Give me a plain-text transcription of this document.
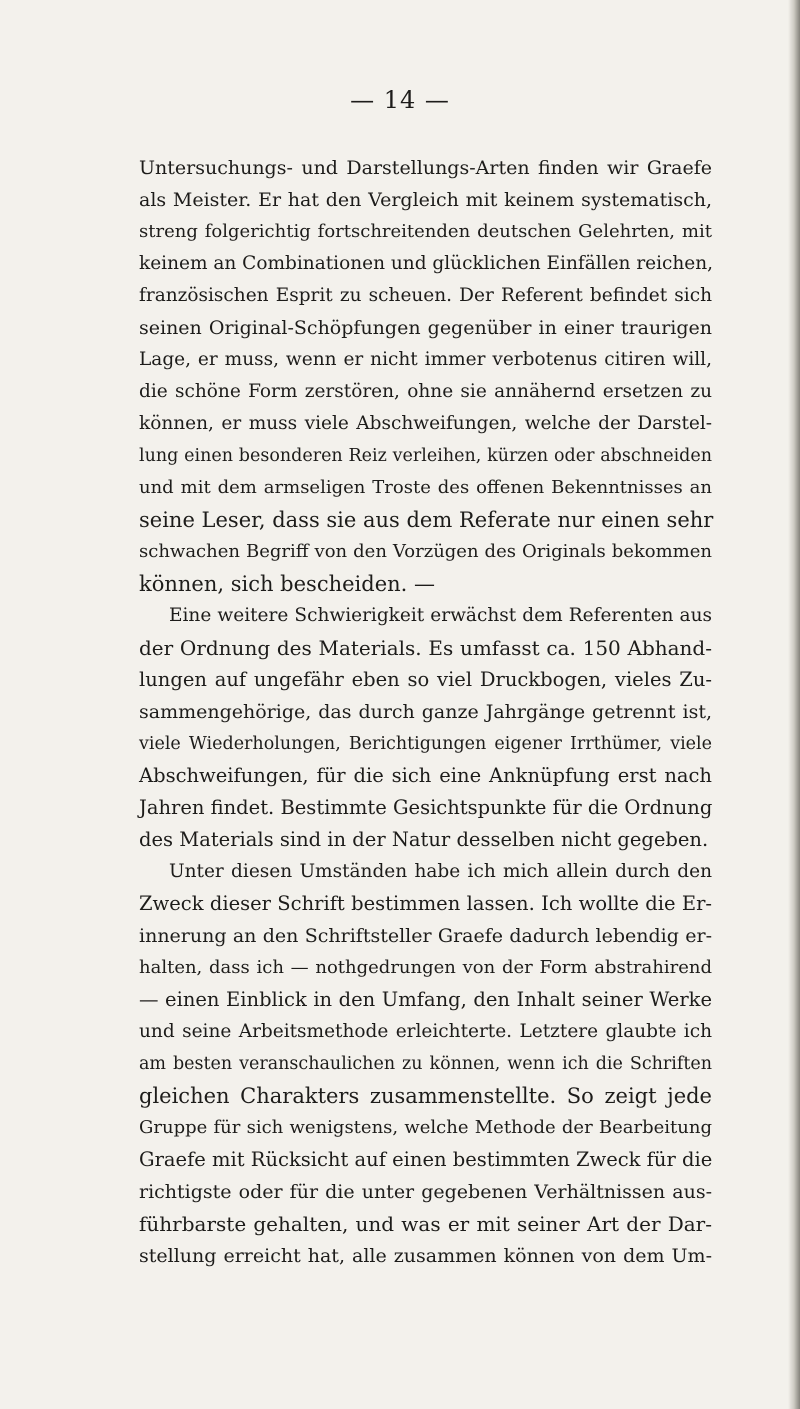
— 14 —
Untersuchungs- und Darstellungs-Arten finden wir Graefe
als Meister. Er hat den Vergleich mit keinem systematisch,
streng folgerichtig fortschreitenden deutschen Gelehrten, mit
keinem an Combinationen und glücklichen Einfällen reichen,
französischen Esprit zu scheuen. Der Referent befindet sich
seinen Original-Schöpfungen gegenüber in einer traurigen
Lage, er muss, wenn er nicht immer verbotenus citiren will,
die schöne Form zerstören, ohne sie annähernd ersetzen zu
können, er muss viele Abschweifungen, welche der Darstel-
lung einen besonderen Reiz verleihen, kürzen oder abschneiden
und mit dem armseligen Troste des offenen Bekenntnisses an
seine Leser, dass sie aus dem Referate nur einen sehr
schwachen Begriff von den Vorzügen des Originals bekommen
können, sich bescheiden. —
Eine weitere Schwierigkeit erwächst dem Referenten aus
der Ordnung des Materials. Es umfasst ca. 150 Abhand-
lungen auf ungefähr eben so viel Druckbogen, vieles Zu-
sammengehörige, das durch ganze Jahrgänge getrennt ist,
viele Wiederholungen, Berichtigungen eigener Irrthümer, viele
Abschweifungen, für die sich eine Anknüpfung erst nach
Jahren findet. Bestimmte Gesichtspunkte für die Ordnung
des Materials sind in der Natur desselben nicht gegeben.
Unter diesen Umständen habe ich mich allein durch den
Zweck dieser Schrift bestimmen lassen. Ich wollte die Er-
innerung an den Schriftsteller Graefe dadurch lebendig er-
halten, dass ich — nothgedrungen von der Form abstrahirend
— einen Einblick in den Umfang, den Inhalt seiner Werke
und seine Arbeitsmethode erleichterte. Letztere glaubte ich
am besten veranschaulichen zu können, wenn ich die Schriften
gleichen Charakters zusammenstellte. So zeigt jede
Gruppe für sich wenigstens, welche Methode der Bearbeitung
Graefe mit Rücksicht auf einen bestimmten Zweck für die
richtigste oder für die unter gegebenen Verhältnissen aus-
führbarste gehalten, und was er mit seiner Art der Dar-
stellung erreicht hat, alle zusammen können von dem Um-
